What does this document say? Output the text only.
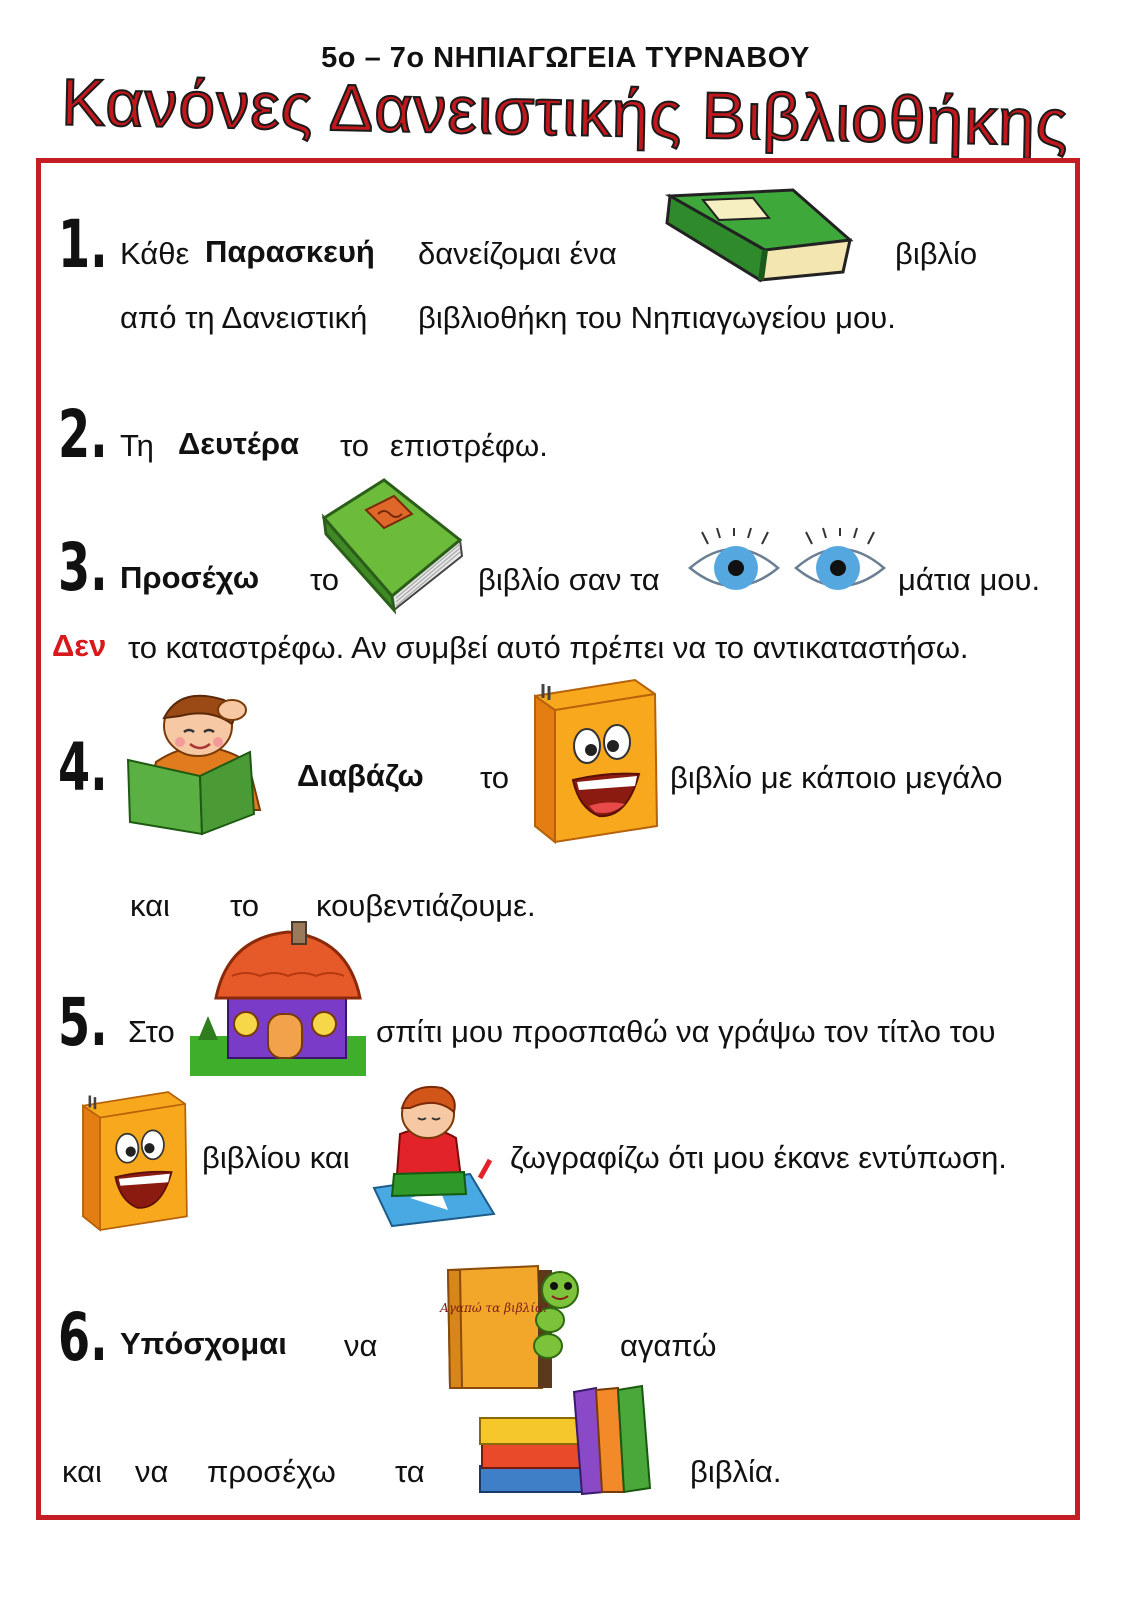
5ο – 7ο ΝΗΠΙΑΓΩΓΕΙΑ ΤΥΡΝΑΒΟΥ
Κανόνες Δανειστικής Βιβλιοθήκης
1. Κάθε Παρασκευή δανείζομαι ένα	βιβλίο
από τη Δανειστική βιβλιοθήκη του Νηπιαγωγείου μου.
2. Τη Δευτέρα το επιστρέφω.
3. Προσέχω το	βιβλίο σαν τα	μάτια μου.
Δεν το καταστρέφω. Αν συμβεί αυτό πρέπει να το αντικαταστήσω.
4.	Διαβάζω το	βιβλίο με κάποιο μεγάλο
και το κουβεντιάζουμε.
5. Στο	σπίτι μου προσπαθώ να γράψω τον τίτλο του
βιβλίου και	ζωγραφίζω ότι μου έκανε εντύπωση.
6. Υπόσχομαι να	αγαπώ
και να προσέχω τα	βιβλία.
Αγαπώ τα βιβλία!
